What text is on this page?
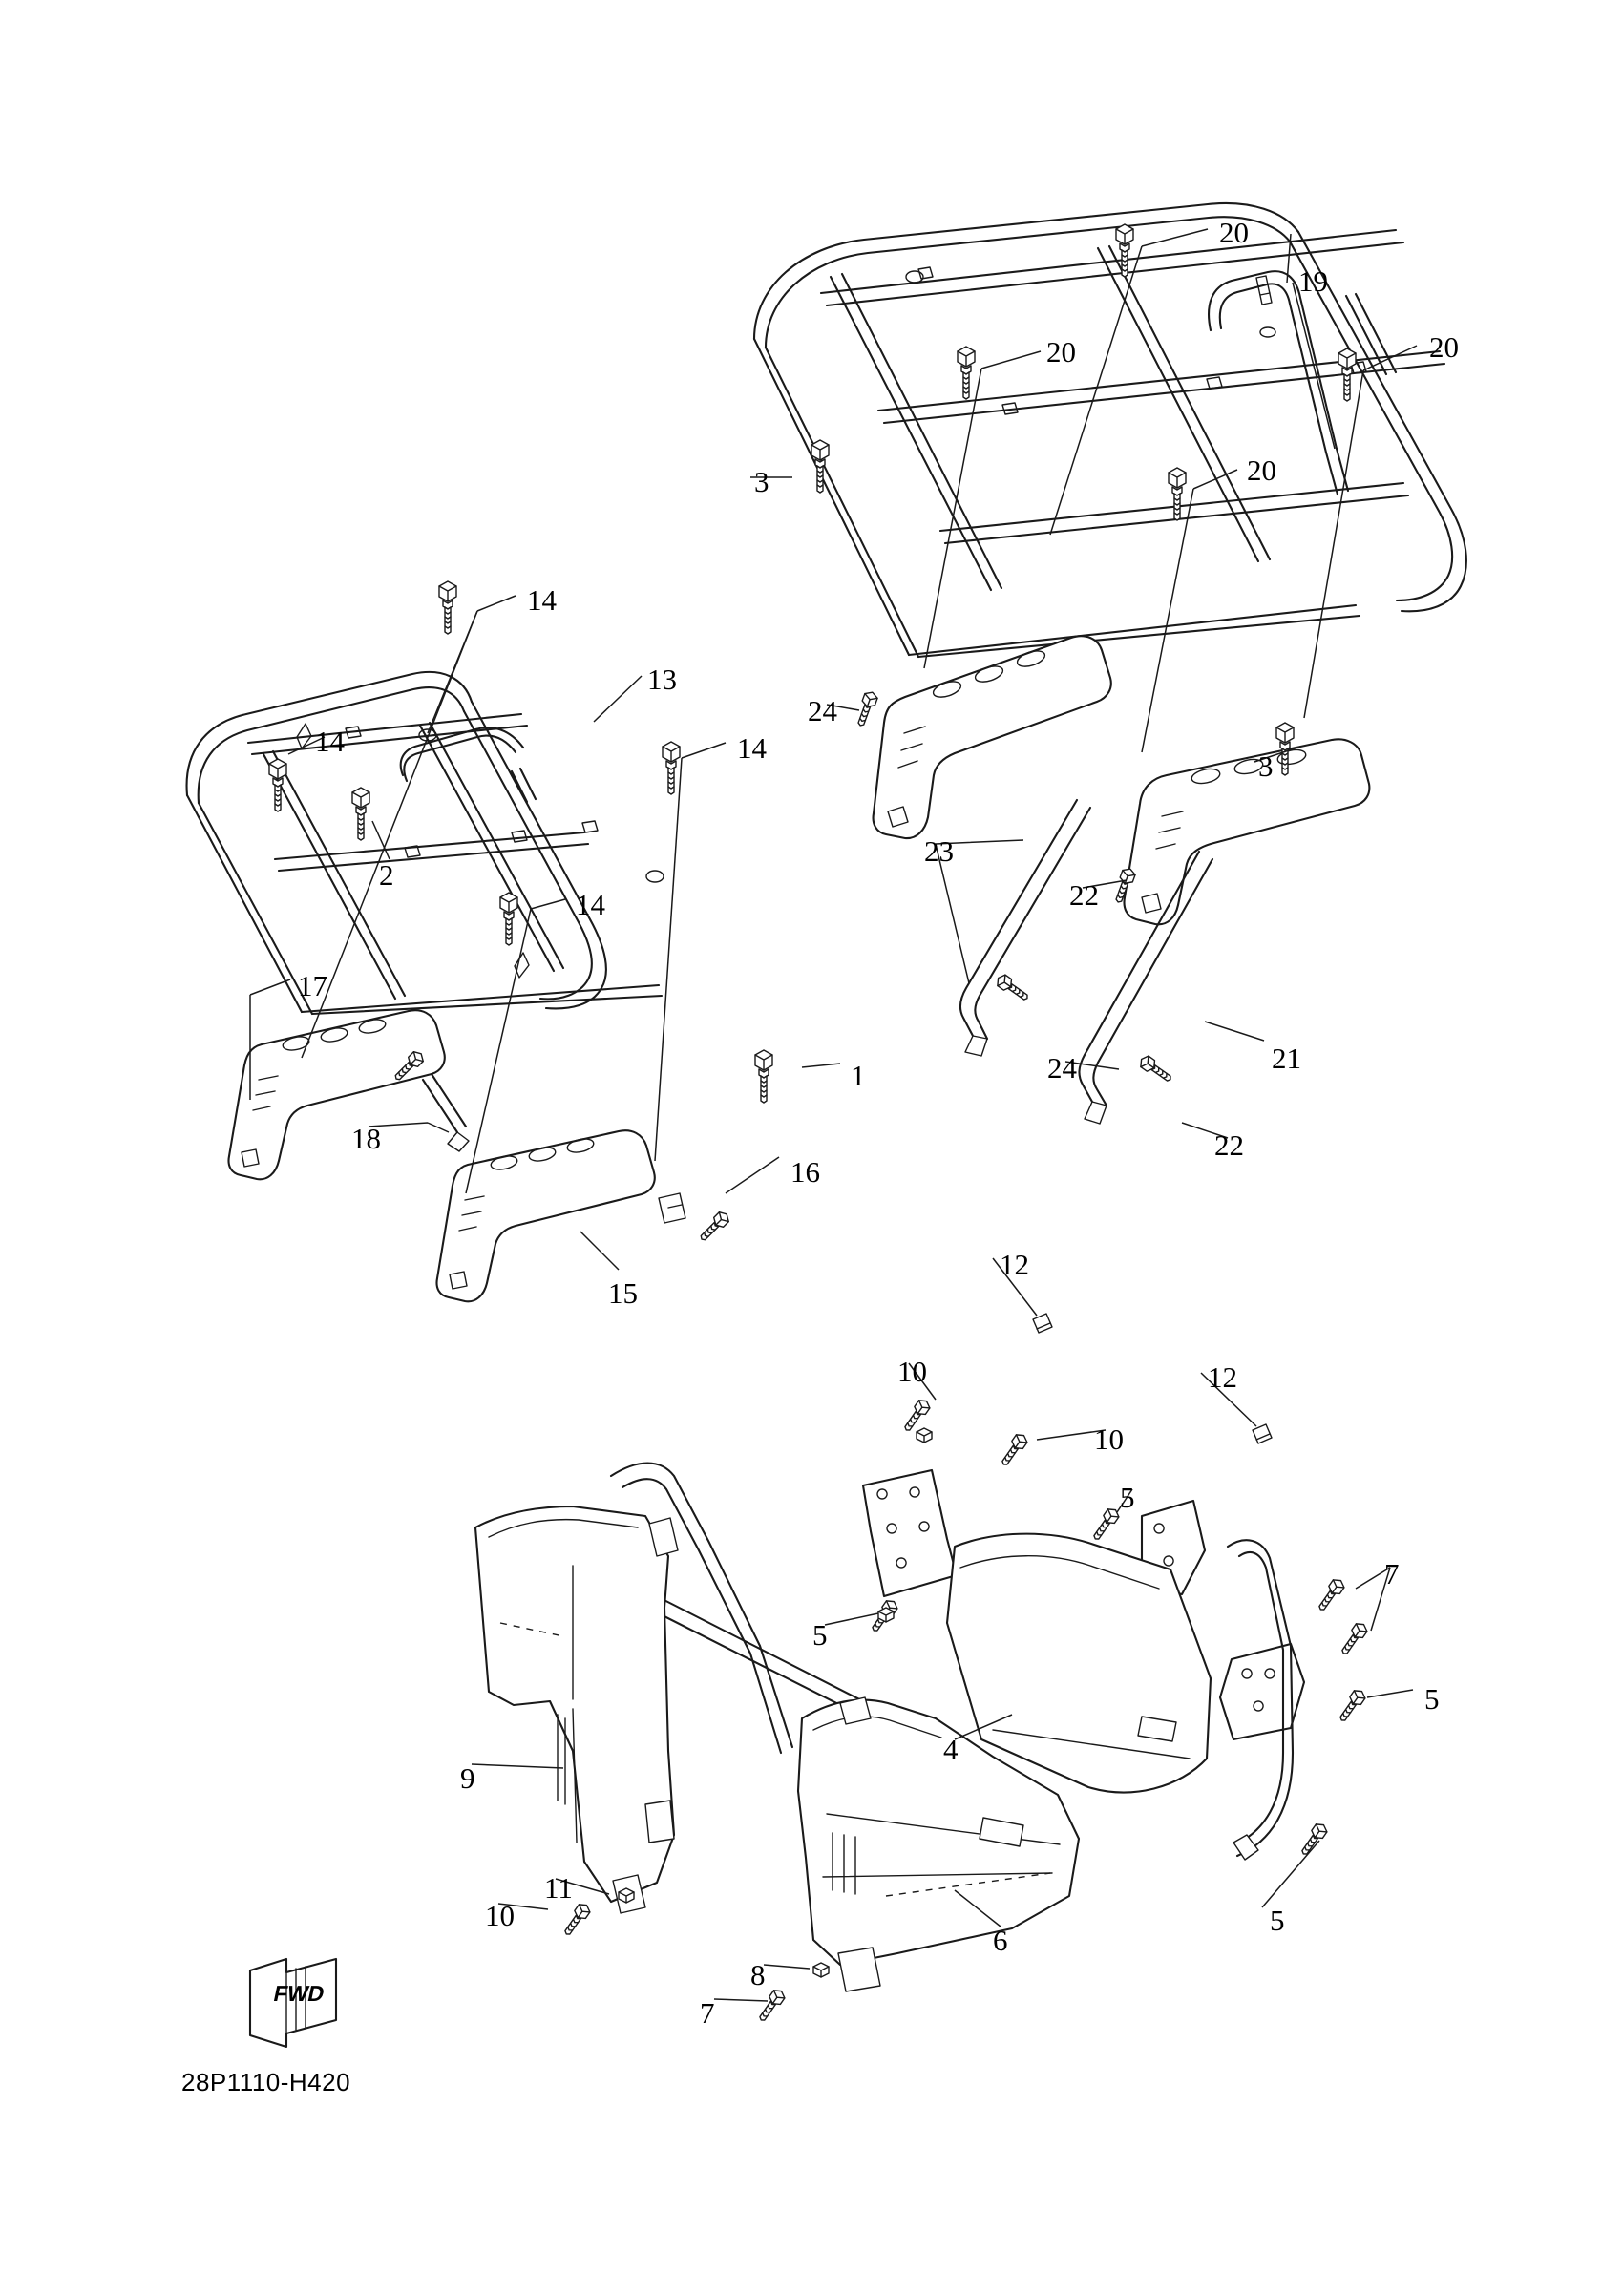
1
2
3
3
4
5
5
5
5
6
7
7
8
9
10
10
10
11
12
12
13
14
14	14
14
15
16
17
18
19
20
20	20
20
21
22
22
23
24
24
FWD
28P1110-H420
